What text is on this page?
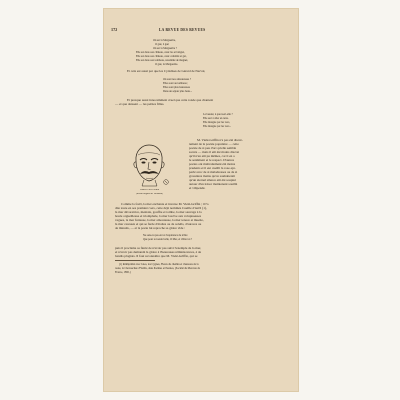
172	LA REVUE DES REVUES
Où est la Marguerite,
Ô gué, ô gué,
Où est la Marguerite ?
Elle est dans son château, cœur las et fatigué,
Elle est dans son château, cœur cohabité et gai,
Elle est dans son tombeau, renommé de mugnet,
Ô gué, la Marguerite.
Et cela est aussi par que les Cydalises de Gérard de Nerval,
Où sont nos amoureuses ?
Elles sont au tombeau ;
Elles sont plus heureuses
Dans un séjour plus beau...
Et presque aussi innocemment cruel que cette ronde que chantent
— et que dansent — les petites filles.
La beauté, à quoi sert-elle ?
Elle sert à aller en terre.
Elle mangée par les vers,
Elle mangée par les vers...
Francis Vielé-Griffin
(dessin original de Vallotton)
M. Vielé-Griffin n'a pas été discrè-
tement de la poésie populaire — cette
poésie de si peu d'art qu'elle semble
sacrée — mais il eût été moins discret
qu'il n'en eût pu mêmes, car il en a
le sentiment et le respect. D'autres
poètes ont maltraitement été moins
prudents et il eut cueilli la rose-spi-
parlé avec de si maladresses ou de si
grossières mains qu'on souhaiterait
qu'un éternel silence eût été soupiré
autour d'un trésor maintenant souillé
et vilipendé.
Comme la forêt, la mer enchante et inverse M. Vielé-Griffin ; il l'a
dite toute en ses premiers vers, cette déjà nommée Cueille d'Avril (1),
la mer dévoratrice, mentale, gouffre et tombe, la mer sauvage à la
houle orgueilleuse et triomphale, la mer lascive aux voluptueuses
vagues, la mer furieuse, la mer amoureuse, la mer tenace et muette,
la mer caressée et qui se farde d'étoiles ou de soleils, d'aurores ou
de minuits, — et la poète lui reproche sa gloire vide :
Ne sens-tu pas en toi l'espérance de n'être
Que pour toi seule belle, Ô Mer, et d'être toi ?
puis il proclame sa fierté de n'avoir pas suivi l'exemple de la mer,
et n'avoir pas demandé la gloire à l'heureuses réminiscences, à de
bandis plagiats. Il faut reconnaître que M. Vielé-Griffin, qui se
(1) Réimprimé avec Joies, les Cygnes, Fleurs du chemin et chansons de la
route, la Chevauchée d'Yeldis, dans Poèmes et Poésies, (Société du Mercure de
France, 1895.)
